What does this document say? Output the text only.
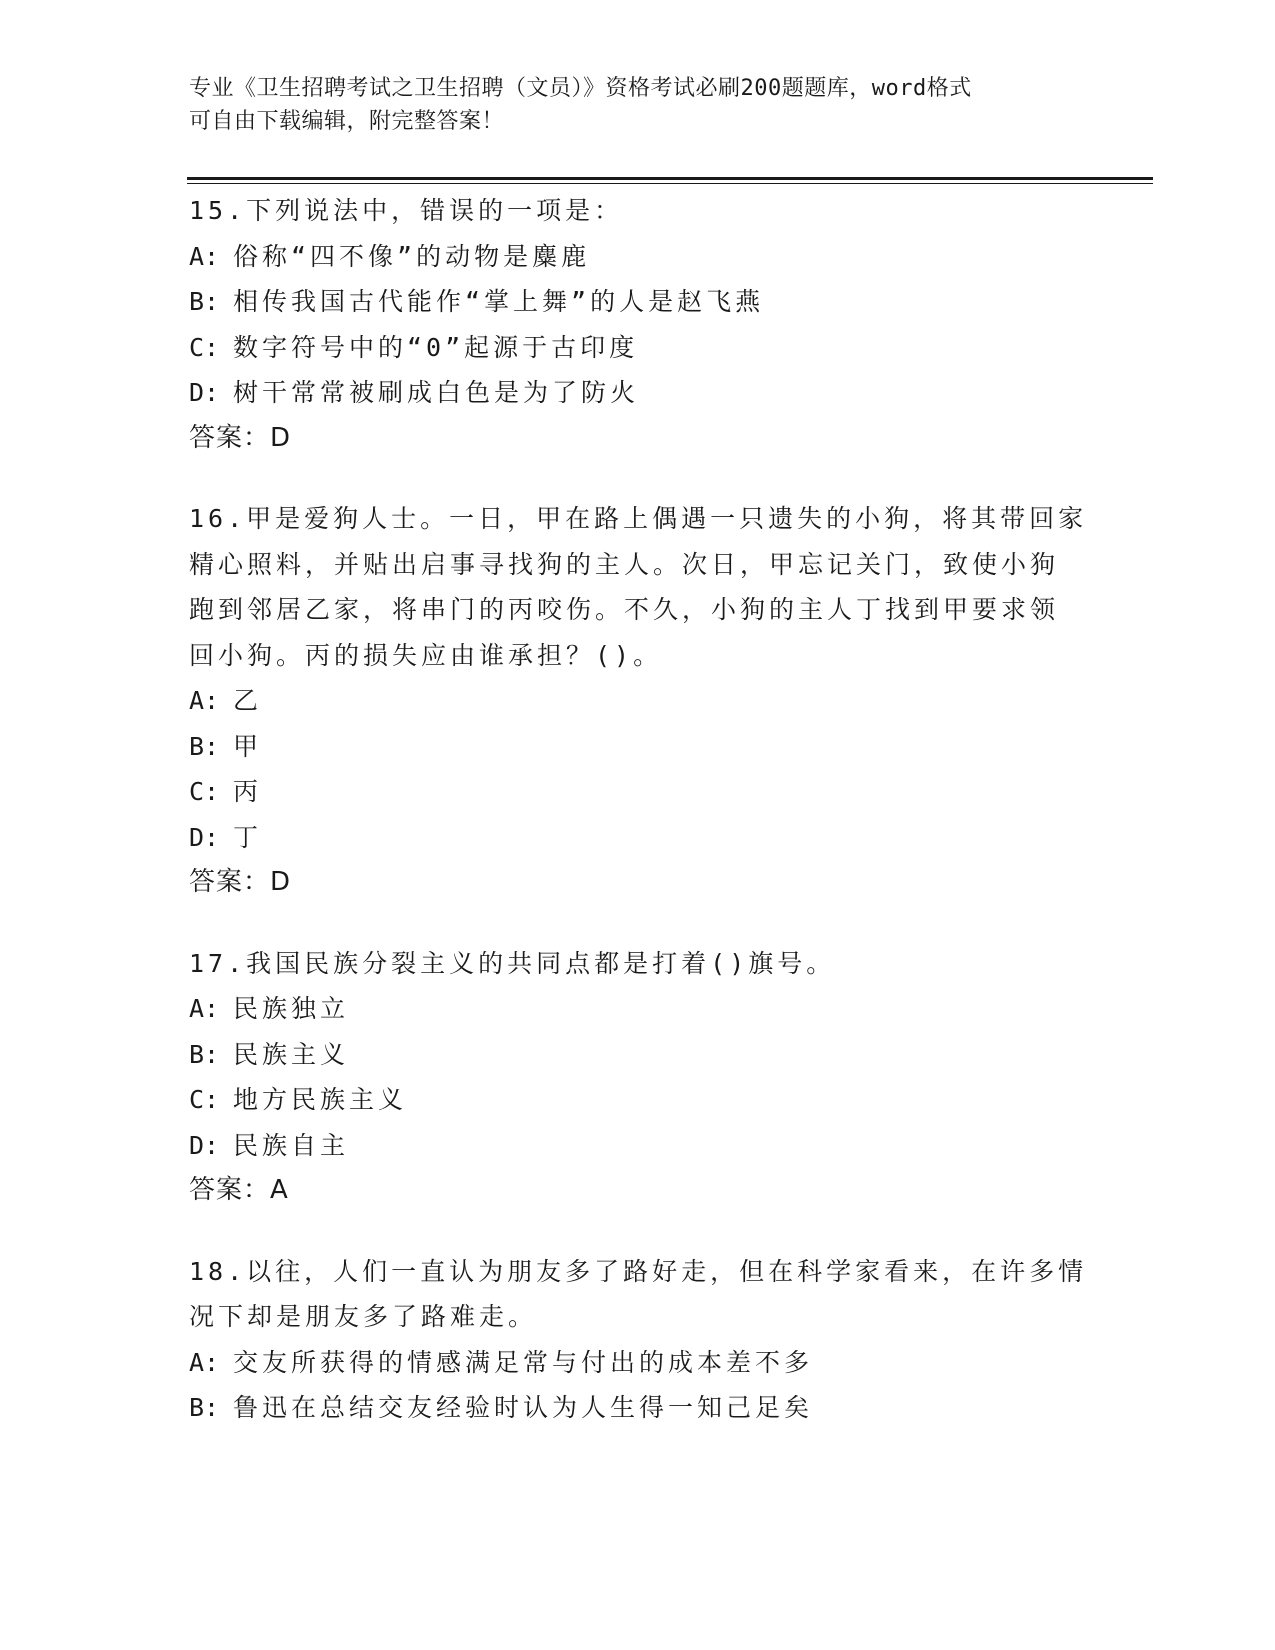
专业《卫生招聘考试之卫生招聘（文员）》资格考试必刷200题题库，word格式
可自由下载编辑，附完整答案！
15.下列说法中，错误的一项是：
A: 俗称“四不像”的动物是麋鹿
B: 相传我国古代能作“掌上舞”的人是赵飞燕
C: 数字符号中的“0”起源于古印度
D: 树干常常被刷成白色是为了防火
答案：D
16.甲是爱狗人士。一日，甲在路上偶遇一只遗失的小狗，将其带回家
精心照料，并贴出启事寻找狗的主人。次日，甲忘记关门，致使小狗
跑到邻居乙家，将串门的丙咬伤。不久，小狗的主人丁找到甲要求领
回小狗。丙的损失应由谁承担？()。
A: 乙
B: 甲
C: 丙
D: 丁
答案：D
17.我国民族分裂主义的共同点都是打着()旗号。
A: 民族独立
B: 民族主义
C: 地方民族主义
D: 民族自主
答案：A
18.以往，人们一直认为朋友多了路好走，但在科学家看来，在许多情
况下却是朋友多了路难走。
A: 交友所获得的情感满足常与付出的成本差不多
B: 鲁迅在总结交友经验时认为人生得一知己足矣
